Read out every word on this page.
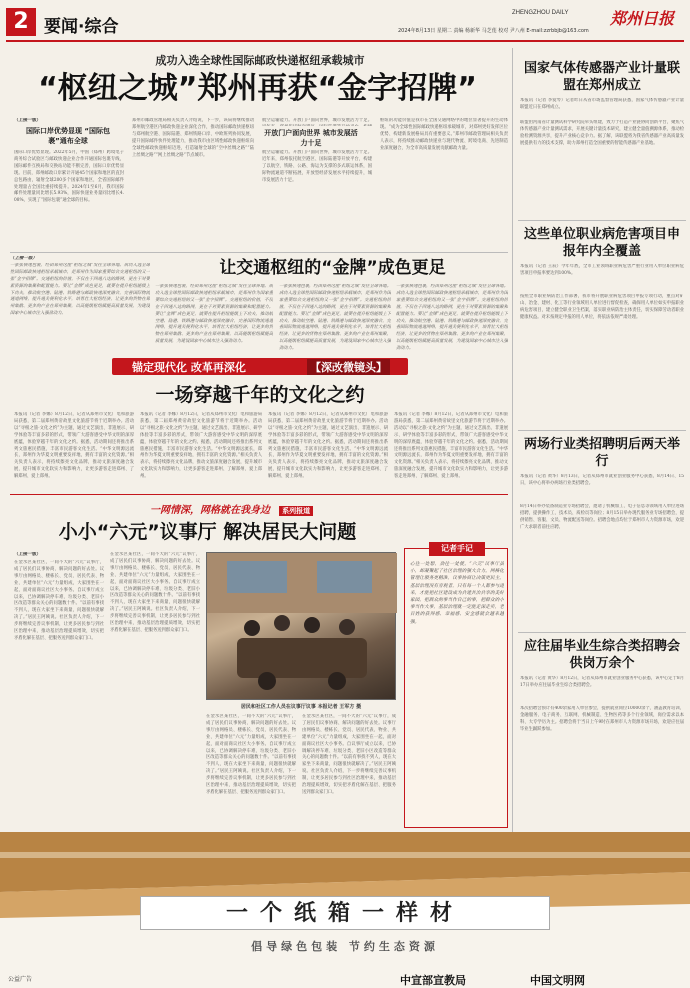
2 要闻·综合
ZHENGZHOU DAILY	郑州日报
2024年8月13日 星期二 责编 杨新华 马芝莲 校对 尹八州 E-mail:zzrbbjb@163.com
成功入选全球性国际邮政快递枢纽承载城市
“枢纽之城”郑州再获“金字招牌”
（上接一版）
国际口岸优势显现 “国际包裹”通布全球
国际口岸优势显现。2022年5月，中国（郑州）跨境电子商务综合试验区与邮政快递企业合作开通国际包裹专线，国际邮件互换局和交换站功能不断完善，国际口岸优势显现。目前，郑州邮政口岸累计开通45个国家和地区的直封总包路由，辐射全球200多个国家和地区，全省国际邮件处理量占全国比重持续提升。2024年1至6月，我市国际邮件处理量同比增长5.93%，国际快递业务量同比增长4.08%，实现了“国际包裹”通全球的目标。
郑州市邮政管理局相关负责人介绍说，下一步，该局将继续推动郑州航空港区内邮政快递企业深化合作，推动国际邮政快递枢纽与郑州航空港、国际陆港、郑州铁路口岸、中欧班列协同发展，提升国际邮件快件处理能力，推动我市由区域性邮政快递枢纽向全球性邮政快递枢纽迈进，打造辐射全球的“空中丝绸之路”“陆上丝绸之路”“网上丝绸之路”节点城市。
开放门户面向世界 城市发展活力十足
航空运输能力。开放门户面向世界，城市发展活力十足。
航空运输能力。开放门户面向世界，城市发展活力十足。近年来，郑州依托航空港区、国际陆港等开放平台，构建了以航空、铁路、公路、海运为支撑的多式联运体系，国际物流通道不断拓展，开放型经济发展水平持续提升，城市发展活力十足。
枢纽的功能价值是我市在全国交通网络中的地位显著提升的生动体现。“成为全球性国际邮政快递枢纽承载城市，对郑州更好发挥区位优势、构建新发展格局具有重要意义。”郑州市邮政管理局相关负责人表示，将持续推动邮政快递业与现代物流、跨境电商、先进制造业深度融合，为全市高质量发展贡献邮政力量。
（上接一版）
一张张快递包裹，经由郑州这座“枢纽之城”发往全球各地。成功入选全球性国际邮政快递枢纽承载城市，是郑州作为国家重要综合交通枢纽的又一张“金字招牌”。交通枢纽的价值，不仅在于四通八达的路网，更在于对要素资源的集聚和配置能力。要让“金牌”成色更足，就要在提升枢纽能级上下功夫，推动航空港、陆港、铁路港与邮政快递深度融合，完善国际物流通道网络，提升通关便利化水平，培育壮大枢纽经济，让更多的货物在郑州集散、更多的产业在郑州集聚，以高能级枢纽赋能高质量发展，为建设国家中心城市注入强劲动力。
让交通枢纽的“金牌”成色更足
一张张快递包裹，经由郑州这座“枢纽之城”发往全球各地。成功入选全球性国际邮政快递枢纽承载城市，是郑州作为国家重要综合交通枢纽的又一张“金字招牌”。交通枢纽的价值，不仅在于四通八达的路网，更在于对要素资源的集聚和配置能力。要让“金牌”成色更足，就要在提升枢纽能级上下功夫，推动航空港、陆港、铁路港与邮政快递深度融合，完善国际物流通道网络，提升通关便利化水平，培育壮大枢纽经济，让更多的货物在郑州集散、更多的产业在郑州集聚，以高能级枢纽赋能高质量发展，为建设国家中心城市注入强劲动力。
一张张快递包裹，经由郑州这座“枢纽之城”发往全球各地。成功入选全球性国际邮政快递枢纽承载城市，是郑州作为国家重要综合交通枢纽的又一张“金字招牌”。交通枢纽的价值，不仅在于四通八达的路网，更在于对要素资源的集聚和配置能力。要让“金牌”成色更足，就要在提升枢纽能级上下功夫，推动航空港、陆港、铁路港与邮政快递深度融合，完善国际物流通道网络，提升通关便利化水平，培育壮大枢纽经济，让更多的货物在郑州集散、更多的产业在郑州集聚，以高能级枢纽赋能高质量发展，为建设国家中心城市注入强劲动力。
一张张快递包裹，经由郑州这座“枢纽之城”发往全球各地。成功入选全球性国际邮政快递枢纽承载城市，是郑州作为国家重要综合交通枢纽的又一张“金字招牌”。交通枢纽的价值，不仅在于四通八达的路网，更在于对要素资源的集聚和配置能力。要让“金牌”成色更足，就要在提升枢纽能级上下功夫，推动航空港、陆港、铁路港与邮政快递深度融合，完善国际物流通道网络，提升通关便利化水平，培育壮大枢纽经济，让更多的货物在郑州集散、更多的产业在郑州集聚，以高能级枢纽赋能高质量发展，为建设国家中心城市注入强劲动力。
锚定现代化 改革再深化	【深改微镜头】
一场穿越千年的文化之约
本报讯（记者 李娜）8月12日，记者从郑州市文化广电和旅游局获悉，第二届郑州黄帝故里文化旅游节将于近期举办。活动以“寻根之旅·文化之约”为主题，通过文艺演出、非遗展示、研学体验等丰富多彩的形式，带领广大游客感受中华文明的深厚底蕴，体验穿越千年的文化之约。据悉，活动期间还将推出系列文旅惠民措施，丰富市民游客文化生活。“中华文明源远流长，郑州作为华夏文明重要发祥地，拥有丰富的文化资源。”相关负责人表示，将持续擦亮文化品牌，推动文旅深度融合发展，提升城市文化软实力和影响力，让更多游客走进郑州、了解郑州、爱上郑州。
本报讯（记者 李娜）8月12日，记者从郑州市文化广电和旅游局获悉，第二届郑州黄帝故里文化旅游节将于近期举办。活动以“寻根之旅·文化之约”为主题，通过文艺演出、非遗展示、研学体验等丰富多彩的形式，带领广大游客感受中华文明的深厚底蕴，体验穿越千年的文化之约。据悉，活动期间还将推出系列文旅惠民措施，丰富市民游客文化生活。“中华文明源远流长，郑州作为华夏文明重要发祥地，拥有丰富的文化资源。”相关负责人表示，将持续擦亮文化品牌，推动文旅深度融合发展，提升城市文化软实力和影响力，让更多游客走进郑州、了解郑州、爱上郑州。
本报讯（记者 李娜）8月12日，记者从郑州市文化广电和旅游局获悉，第二届郑州黄帝故里文化旅游节将于近期举办。活动以“寻根之旅·文化之约”为主题，通过文艺演出、非遗展示、研学体验等丰富多彩的形式，带领广大游客感受中华文明的深厚底蕴，体验穿越千年的文化之约。据悉，活动期间还将推出系列文旅惠民措施，丰富市民游客文化生活。“中华文明源远流长，郑州作为华夏文明重要发祥地，拥有丰富的文化资源。”相关负责人表示，将持续擦亮文化品牌，推动文旅深度融合发展，提升城市文化软实力和影响力，让更多游客走进郑州、了解郑州、爱上郑州。
本报讯（记者 李娜）8月12日，记者从郑州市文化广电和旅游局获悉，第二届郑州黄帝故里文化旅游节将于近期举办。活动以“寻根之旅·文化之约”为主题，通过文艺演出、非遗展示、研学体验等丰富多彩的形式，带领广大游客感受中华文明的深厚底蕴，体验穿越千年的文化之约。据悉，活动期间还将推出系列文旅惠民措施，丰富市民游客文化生活。“中华文明源远流长，郑州作为华夏文明重要发祥地，拥有丰富的文化资源。”相关负责人表示，将持续擦亮文化品牌，推动文旅深度融合发展，提升城市文化软实力和影响力，让更多游客走进郑州、了解郑州、爱上郑州。
一网情深，网格就在我身边 系列报道
小小“六元”议事厅 解决居民大问题
（上接一版）
在金水区某社区，一间不大的“六元”议事厅，成了居民们议事协商、解决问题的好去处。议事厅由网格员、楼栋长、党员、居民代表、物业、共建单位“六元”力量组成，大家围坐在一起，面对面商议社区大小事务。自议事厅成立以来，已协调解决停车难、垃圾分类、老旧小区改造等群众关心的问题数十件。“以前有事找不到人，现在大家坐下来商量，问题很快就解决了。”居民王阿姨说。社区负责人介绍，下一步将继续完善议事机制，让更多居民参与到社区治理中来，推动基层治理提质增效，切实把矛盾化解在基层、把服务送到群众家门口。
在金水区某社区，一间不大的“六元”议事厅，成了居民们议事协商、解决问题的好去处。议事厅由网格员、楼栋长、党员、居民代表、物业、共建单位“六元”力量组成，大家围坐在一起，面对面商议社区大小事务。自议事厅成立以来，已协调解决停车难、垃圾分类、老旧小区改造等群众关心的问题数十件。“以前有事找不到人，现在大家坐下来商量，问题很快就解决了。”居民王阿姨说。社区负责人介绍，下一步将继续完善议事机制，让更多居民参与到社区治理中来，推动基层治理提质增效，切实把矛盾化解在基层、把服务送到群众家门口。
居民和社区工作人员在议事厅议事 本报记者 王军方 摄
在金水区某社区，一间不大的“六元”议事厅，成了居民们议事协商、解决问题的好去处。议事厅由网格员、楼栋长、党员、居民代表、物业、共建单位“六元”力量组成，大家围坐在一起，面对面商议社区大小事务。自议事厅成立以来，已协调解决停车难、垃圾分类、老旧小区改造等群众关心的问题数十件。“以前有事找不到人，现在大家坐下来商量，问题很快就解决了。”居民王阿姨说。社区负责人介绍，下一步将继续完善议事机制，让更多居民参与到社区治理中来，推动基层治理提质增效，切实把矛盾化解在基层、把服务送到群众家门口。
在金水区某社区，一间不大的“六元”议事厅，成了居民们议事协商、解决问题的好去处。议事厅由网格员、楼栋长、党员、居民代表、物业、共建单位“六元”力量组成，大家围坐在一起，面对面商议社区大小事务。自议事厅成立以来，已协调解决停车难、垃圾分类、老旧小区改造等群众关心的问题数十件。“以前有事找不到人，现在大家坐下来商量，问题很快就解决了。”居民王阿姨说。社区负责人介绍，下一步将继续完善议事机制，让更多居民参与到社区治理中来，推动基层治理提质增效，切实把矛盾化解在基层、把服务送到群众家门口。
记者手记
心往一处想，劲往一处使。“六元”议事厅虽小，却凝聚起了社区治理的强大合力。网格化管理让服务更精准，议事协商让决策更民主。基层治理没有旁观者，只有每一个人都参与进来，才能把社区建设成为共建共治共享的美好家园。把群众的事当作自己的事，把群众的小事当作大事，基层治理就一定能走深走实，老百姓的获得感、幸福感、安全感就会越来越强。
国家气体传感器产业计量联盟在郑州成立
本报讯（记者 李爱琴）记者昨日从省市场监督管理局获悉，国家气体传感器产业计量联盟近日在郑州成立。
联盟由河南省计量测试科学研究院牵头组建，致力于打造产业链协同创新平台，聚焦气体传感器产业计量测试需求，开展关键计量技术研究，建立健全量值溯源体系，推动检验检测资源共享，提升产业核心竞争力。据了解，该联盟将为我省传感器产业高质量发展提供有力的技术支撑，助力郑州打造全国重要的智能传感器产业基地。
这些单位职业病危害项目申报年内全覆盖
本报讯（记者 王辰）今年年底，全市工业领域职业病危害严重行业用人单位职业病危害项目申报率要达到100%。
按照全市职业病防治工作部署，我市将开展职业病危害项目申报专项行动，重点对矿山、冶金、建材、化工等行业领域用人单位进行督促检查，确保用人单位如实申报职业病危害项目，建立健全职业卫生档案，落实职业病防治主体责任，切实保障劳动者职业健康权益。对未按规定申报的用人单位，将依法依规严肃处理。
两场行业类招聘明后两天举行
本报讯（记者 黄华）8月13日，记者从郑州市就业创业服务中心获悉，8月14日、15日，该中心将举办两场行业类招聘会。
8月14日举办装备制造业专场招聘会，邀请了机械加工、电子信息等领域用人单位进场招聘，提供操作工、技术员、质检员等岗位；8月15日举办现代服务业专场招聘会，提供销售、客服、文员、物流配送等岗位。招聘会地点均位于郑州市人力资源市场，欢迎广大求职者前往应聘。
应往届毕业生综合类招聘会供岗万余个
本报讯（记者 黄华）8月12日，记者从郑州市就业创业服务中心获悉，该中心定于8月17日举办应往届毕业生综合类招聘会。
本次招聘会预计有400余家用人单位参会，提供就业岗位10000余个，涵盖教育培训、金融服务、电子商务、互联网、机械制造、生物医药等多个行业领域，岗位需求以本科、大专学历为主。招聘会将于当日上午9时在郑州市人力资源市场开场，欢迎应往届毕业生踊跃参加。
一个纸箱一样材
倡导绿色包装 节约生态资源
中宣部宣教局	中国文明网
公益广告
